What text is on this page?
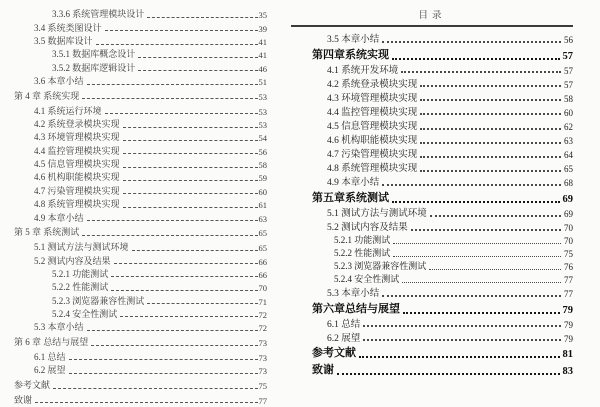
3.3.6 系统管理模块设计	35
3.4 系统类图设计	39
3.5 数据库设计	41
3.5.1 数据库概念设计	41
3.5.2 数据库逻辑设计	46
3.6 本章小结	51
第 4 章 系统实现	53
4.1 系统运行环境	53
4.2 系统登录模块实现	53
4.3 环境管理模块实现	54
4.4 监控管理模块实现	56
4.5 信息管理模块实现	58
4.6 机构职能模块实现	59
4.7 污染管理模块实现	60
4.8 系统管理模块实现	61
4.9 本章小结	63
第 5 章 系统测试	65
5.1 测试方法与测试环境	65
5.2 测试内容及结果	66
5.2.1 功能测试	66
5.2.2 性能测试	70
5.2.3 浏览器兼容性测试	71
5.2.4 安全性测试	72
5.3 本章小结	72
第 6 章 总结与展望	73
6.1 总结	73
6.2 展望	73
参考文献	75
致谢	77
目录
3.5 本章小结	56
第四章系统实现	57
4.1 系统开发环境	57
4.2 系统登录模块实现	57
4.3 环境管理模块实现	58
4.4 监控管理模块实现	60
4.5 信息管理模块实现	62
4.6 机构职能模块实现	63
4.7 污染管理模块实现	64
4.8 系统管理模块实现	65
4.9 本章小结	68
第五章系统测试	69
5.1 测试方法与测试环境	69
5.2 测试内容及结果	70
5.2.1 功能测试	70
5.2.2 性能测试	75
5.2.3 浏览器兼容性测试	76
5.2.4 安全性测试	77
5.3 本章小结	77
第六章总结与展望	79
6.1 总结	79
6.2 展望	79
参考文献	81
致谢	83
